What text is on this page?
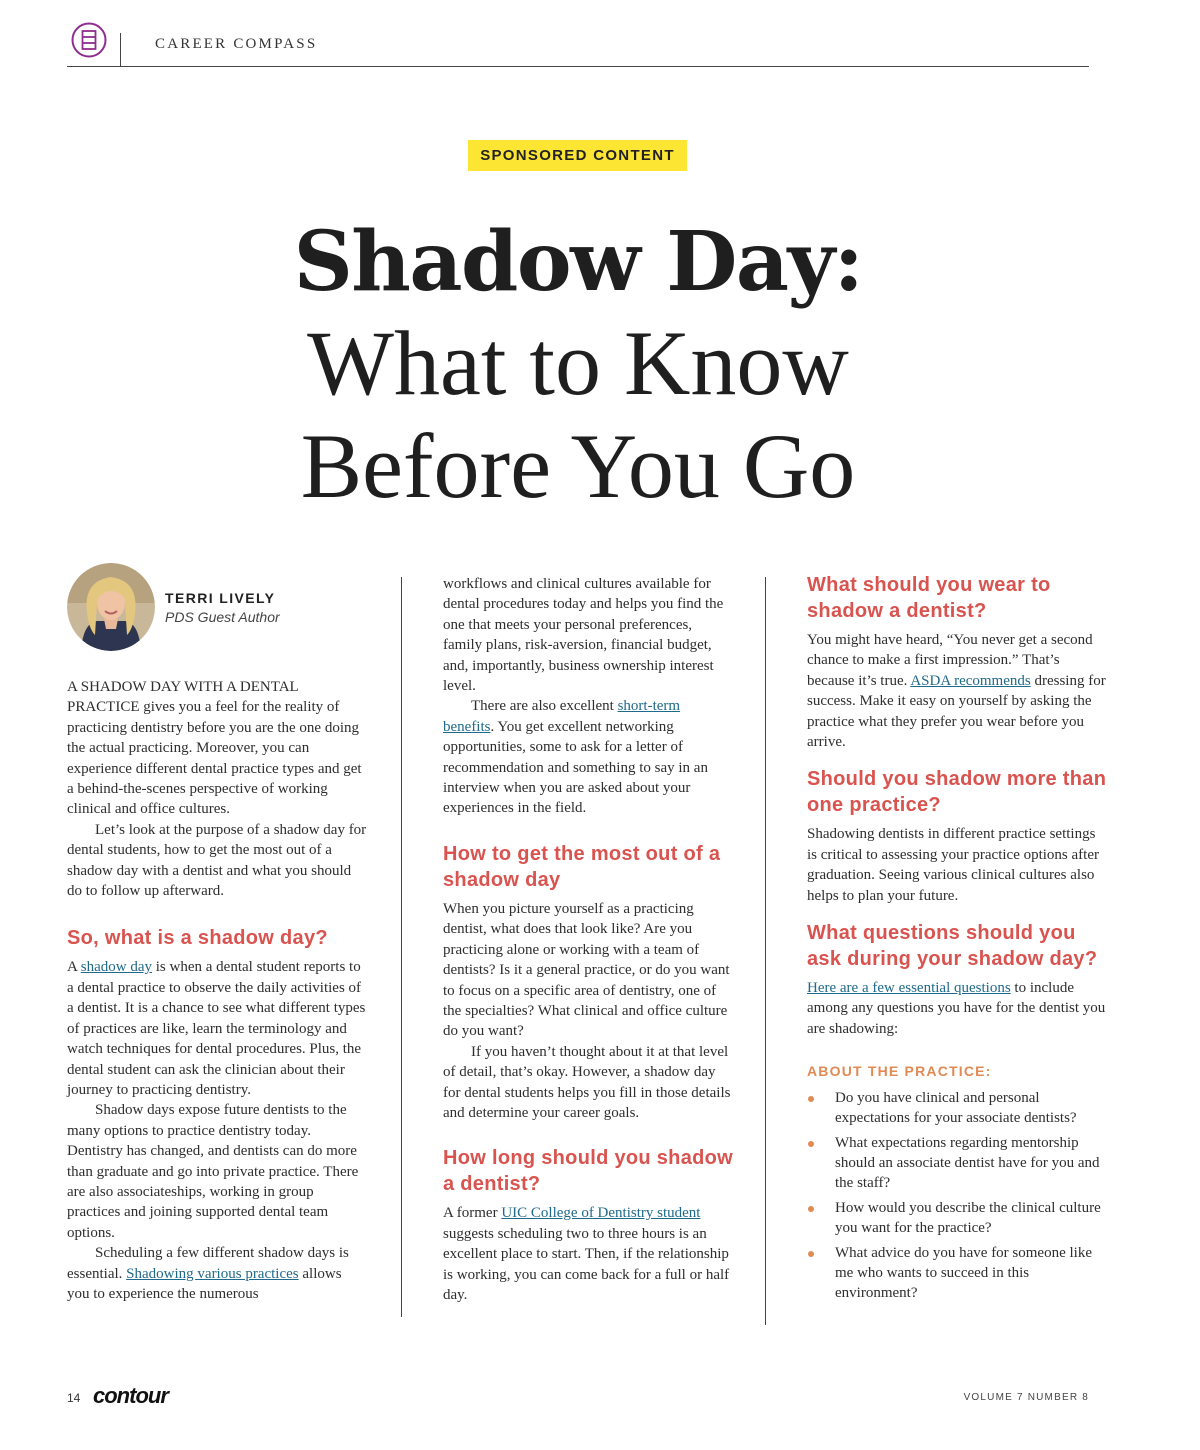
CAREER COMPASS
SPONSORED CONTENT
Shadow Day:
What to Know
Before You Go
TERRI LIVELY
PDS Guest Author

A SHADOW DAY WITH A DENTAL PRACTICE gives you a feel for the reality of practicing dentistry before you are the one doing the actual practicing. Moreover, you can experience different dental practice types and get a behind-the-scenes perspective of working clinical and office cultures.

Let’s look at the purpose of a shadow day for dental students, how to get the most out of a shadow day with a dentist and what you should do to follow up afterward.

So, what is a shadow day?

A shadow day is when a dental student reports to a dental practice to observe the daily activities of a dentist. It is a chance to see what different types of practices are like, learn the terminology and watch techniques for dental procedures. Plus, the dental student can ask the clinician about their journey to practicing dentistry.

Shadow days expose future dentists to the many options to practice dentistry today. Dentistry has changed, and dentists can do more than graduate and go into private practice. There are also associateships, working in group practices and joining supported dental team options.

Scheduling a few different shadow days is essential. Shadowing various practices allows you to experience the numerous

workflows and clinical cultures available for dental procedures today and helps you find the one that meets your personal preferences, family plans, risk-aversion, financial budget, and, importantly, business ownership interest level.

There are also excellent short-term benefits. You get excellent networking opportunities, some to ask for a letter of recommendation and something to say in an interview when you are asked about your experiences in the field.

How to get the most out of a shadow day

When you picture yourself as a practicing dentist, what does that look like? Are you practicing alone or working with a team of dentists? Is it a general practice, or do you want to focus on a specific area of dentistry, one of the specialties? What clinical and office culture do you want?

If you haven’t thought about it at that level of detail, that’s okay. However, a shadow day for dental students helps you fill in those details and determine your career goals.

How long should you shadow a dentist?

A former UIC College of Dentistry student suggests scheduling two to three hours is an excellent place to start. Then, if the relationship is working, you can come back for a full or half day.

What should you wear to shadow a dentist?

You might have heard, “You never get a second chance to make a first impression.” That’s because it’s true. ASDA recommends dressing for success. Make it easy on yourself by asking the practice what they prefer you wear before you arrive.

Should you shadow more than one practice?

Shadowing dentists in different practice settings is critical to assessing your practice options after graduation. Seeing various clinical cultures also helps to plan your future.

What questions should you ask during your shadow day?

Here are a few essential questions to include among any questions you have for the dentist you are shadowing:

ABOUT THE PRACTICE:
Do you have clinical and personal expectations for your associate dentists?
What expectations regarding mentorship should an associate dentist have for you and the staff?
How would you describe the clinical culture you want for the practice?
What advice do you have for someone like me who wants to succeed in this environment?
14 contour	VOLUME 7 NUMBER 8
